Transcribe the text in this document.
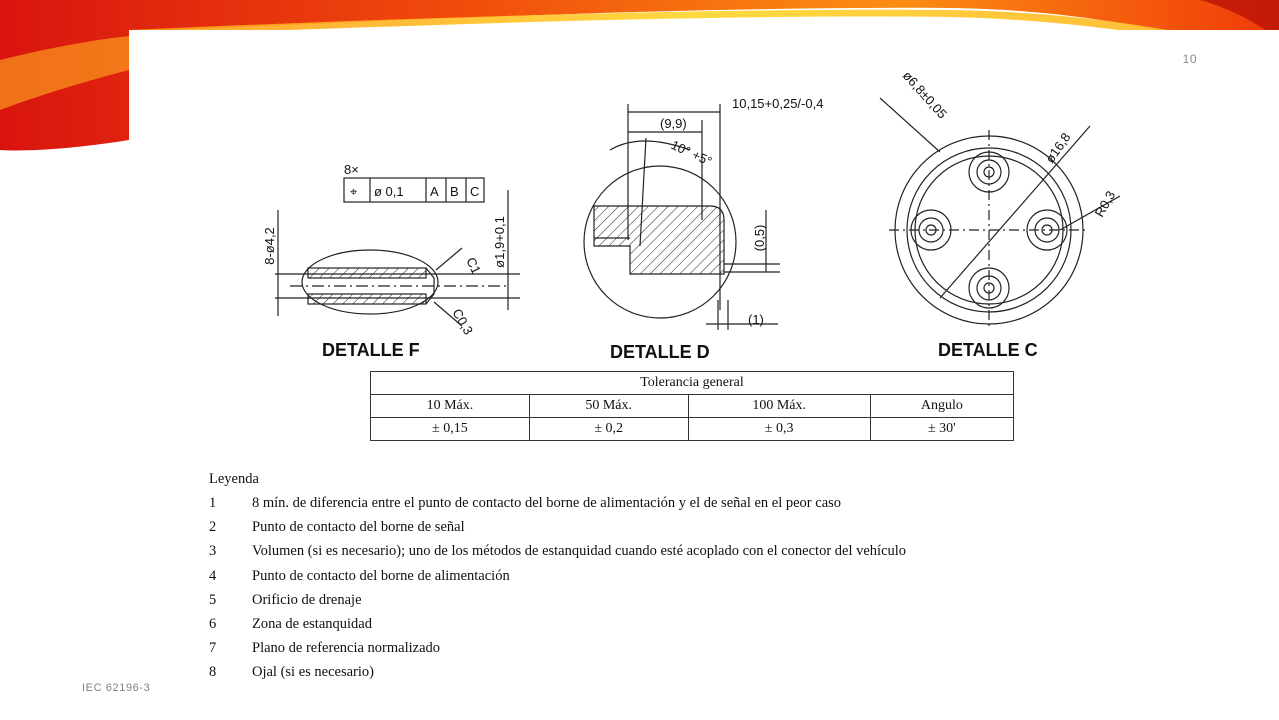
10
8×
⌖ ø 0,1 A B C
8-ø4,2	ø1,9+0,1
C1
C0,3
DETALLE F
10,15+0,25/-0,4
(9,9)
10° +5°
(0,5)
(1)
DETALLE D
ø6,8±0,05
ø16,8
R0,3
DETALLE C
Tolerancia general			
10 Máx.	50 Máx.	100 Máx.	Angulo
± 0,15	± 0,2	± 0,3	± 30'
Leyenda
1	8 mín. de diferencia entre el punto de contacto del borne de alimentación y el de señal en el peor caso
2	Punto de contacto del borne de señal
3	Volumen (si es necesario); uno de los métodos de estanquidad cuando esté acoplado con el conector del vehículo
4	Punto de contacto del borne de alimentación
5	Orificio de drenaje
6	Zona de estanquidad
7	Plano de referencia normalizado
8	Ojal (si es necesario)
IEC 62196-3
